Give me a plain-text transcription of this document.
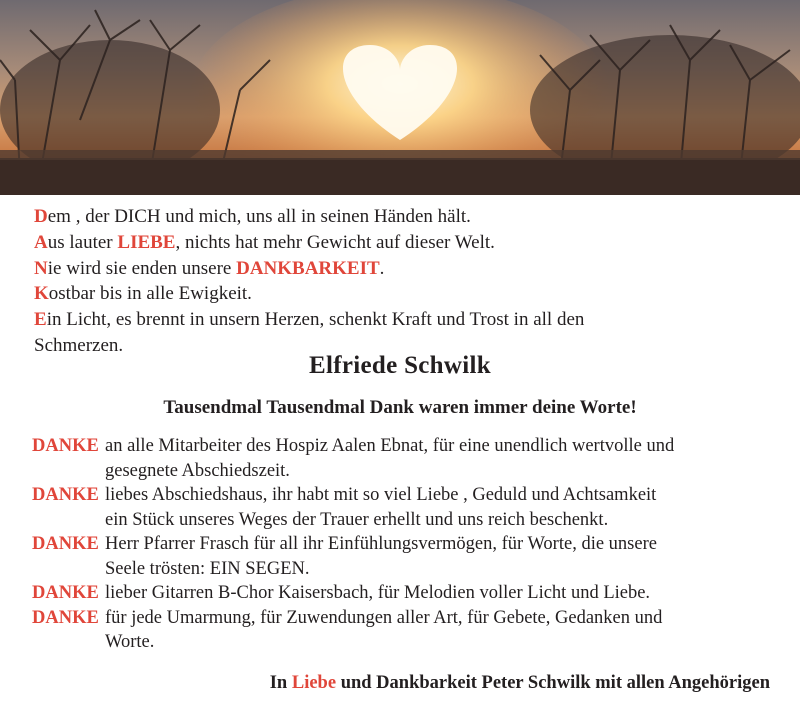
Dem , der DICH und mich, uns all in seinen Händen hält.
Aus lauter LIEBE, nichts hat mehr Gewicht auf dieser Welt.
Nie wird sie enden unsere DANKBARKEIT.
Kostbar bis in alle Ewigkeit.
Ein Licht, es brennt in unsern Herzen, schenkt Kraft und Trost in all den
Schmerzen.
Elfriede Schwilk
Tausendmal Tausendmal Dank waren immer deine Worte!
DANKE an alle Mitarbeiter des Hospiz Aalen Ebnat, für eine unendlich wertvolle und
gesegnete Abschiedszeit.
DANKE liebes Abschiedshaus, ihr habt mit so viel Liebe , Geduld und Achtsamkeit
ein Stück unseres Weges der Trauer erhellt und uns reich beschenkt.
DANKE Herr Pfarrer Frasch für all ihr Einfühlungsvermögen, für Worte, die unsere
Seele trösten: EIN SEGEN.
DANKE lieber Gitarren B-Chor Kaisersbach, für Melodien voller Licht und Liebe.
DANKE für jede Umarmung, für Zuwendungen aller Art, für Gebete, Gedanken und
Worte.
In Liebe und Dankbarkeit Peter Schwilk mit allen Angehörigen
